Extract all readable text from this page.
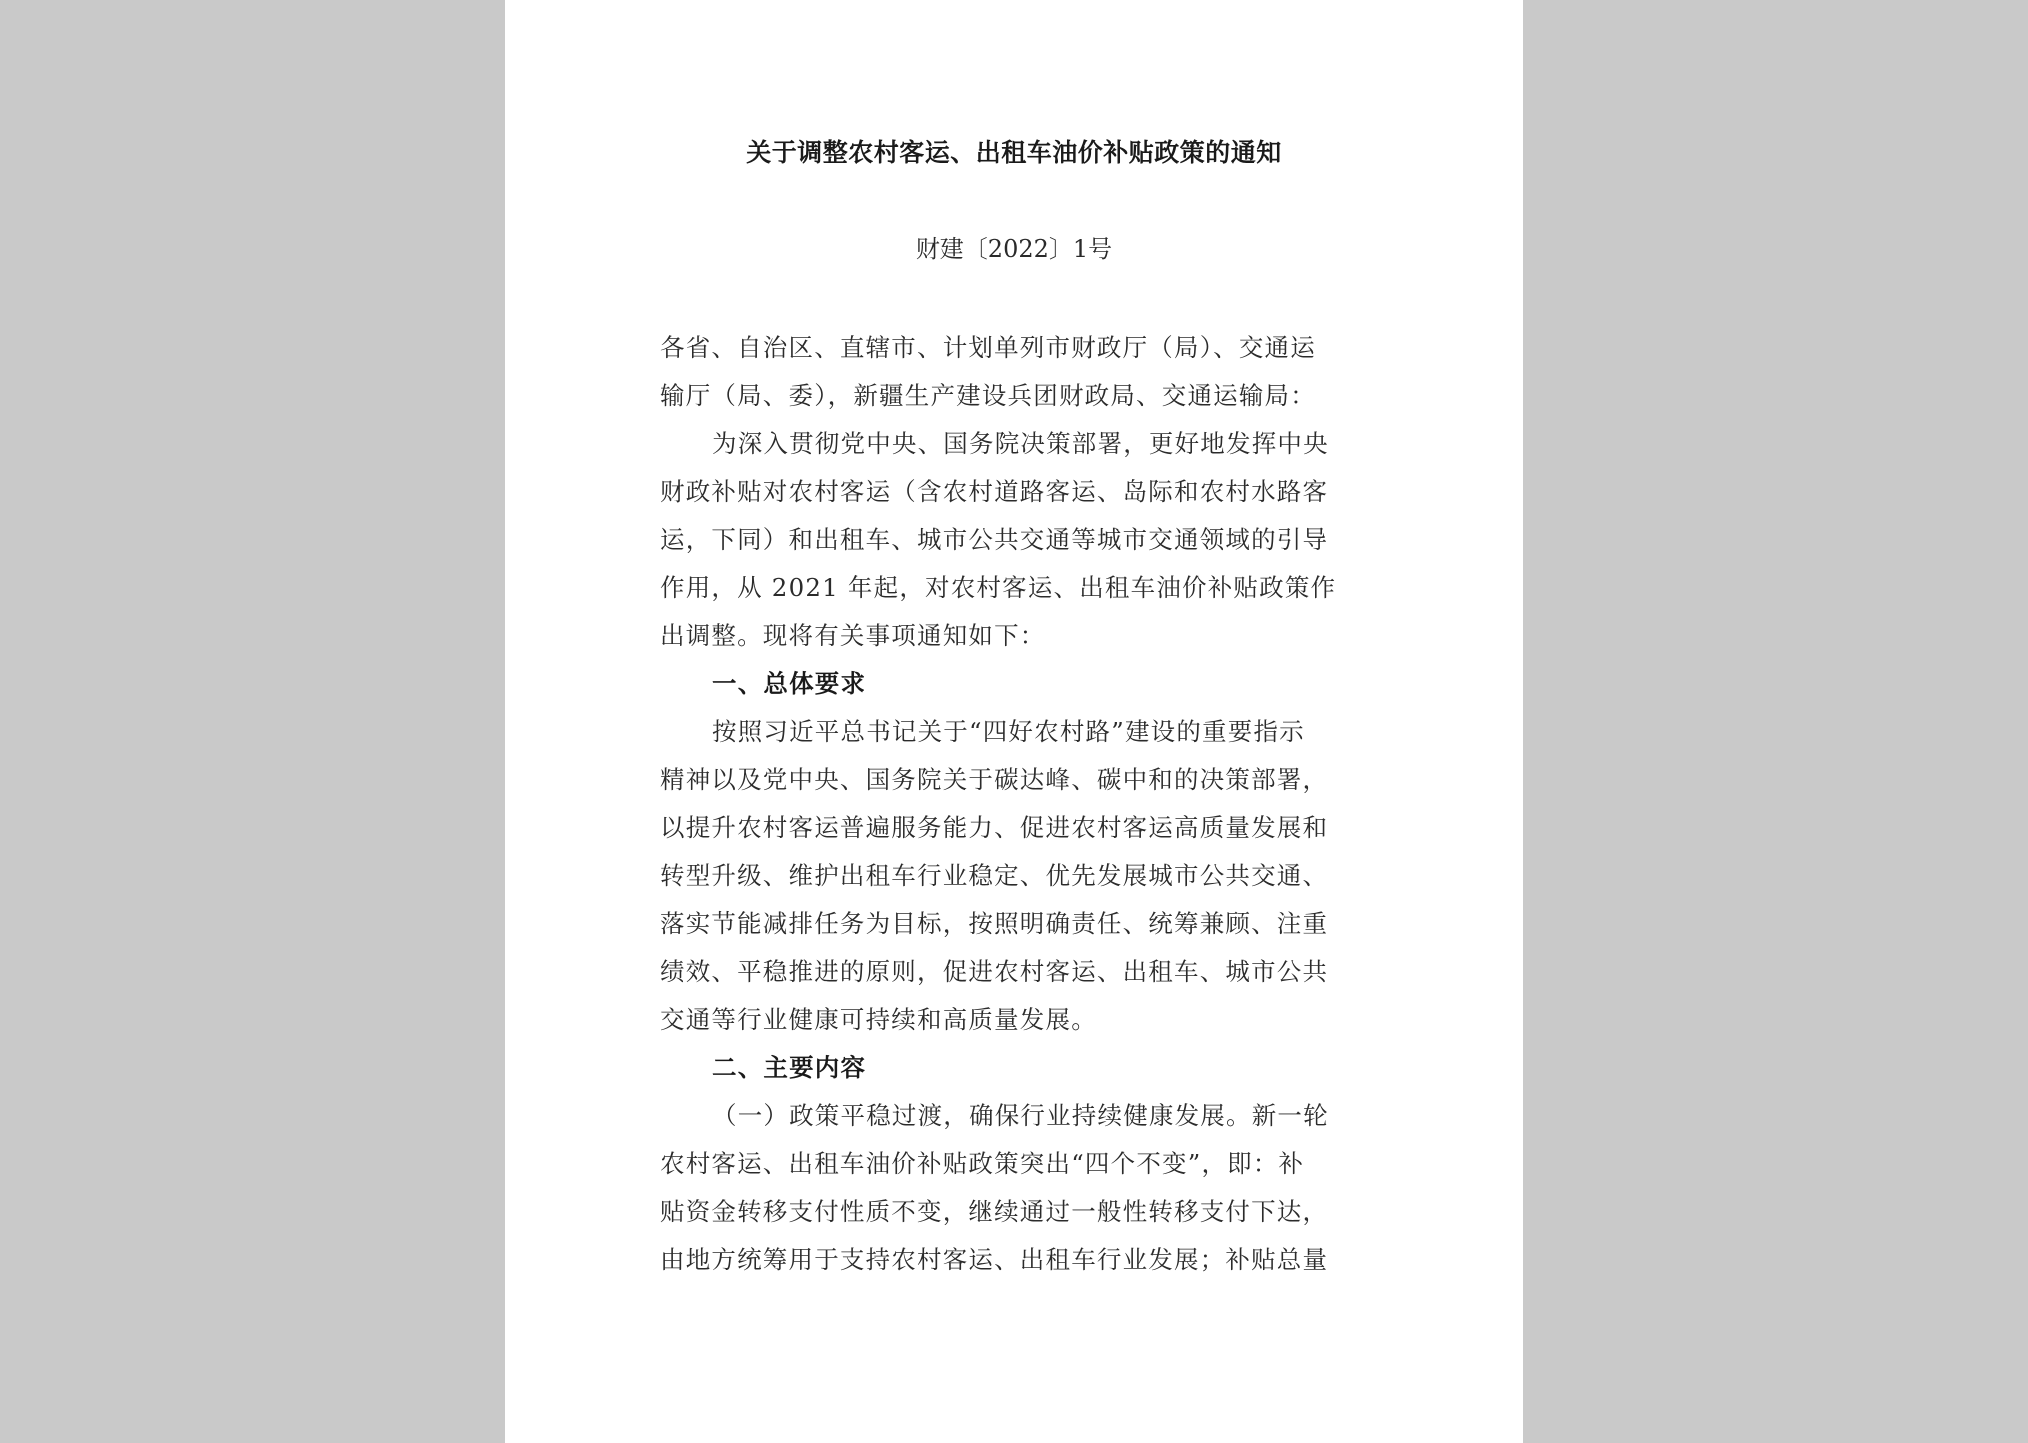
关于调整农村客运、出租车油价补贴政策的通知
财建〔2022〕1号
各省、自治区、直辖市、计划单列市财政厅（局）、交通运
输厅（局、委），新疆生产建设兵团财政局、交通运输局：
为深入贯彻党中央、国务院决策部署，更好地发挥中央
财政补贴对农村客运（含农村道路客运、岛际和农村水路客
运，下同）和出租车、城市公共交通等城市交通领域的引导
作用，从 2021 年起，对农村客运、出租车油价补贴政策作
出调整。现将有关事项通知如下：
一、总体要求
按照习近平总书记关于“四好农村路”建设的重要指示
精神以及党中央、国务院关于碳达峰、碳中和的决策部署，
以提升农村客运普遍服务能力、促进农村客运高质量发展和
转型升级、维护出租车行业稳定、优先发展城市公共交通、
落实节能减排任务为目标，按照明确责任、统筹兼顾、注重
绩效、平稳推进的原则，促进农村客运、出租车、城市公共
交通等行业健康可持续和高质量发展。
二、主要内容
（一）政策平稳过渡，确保行业持续健康发展。新一轮
农村客运、出租车油价补贴政策突出“四个不变”，即：补
贴资金转移支付性质不变，继续通过一般性转移支付下达，
由地方统筹用于支持农村客运、出租车行业发展；补贴总量
